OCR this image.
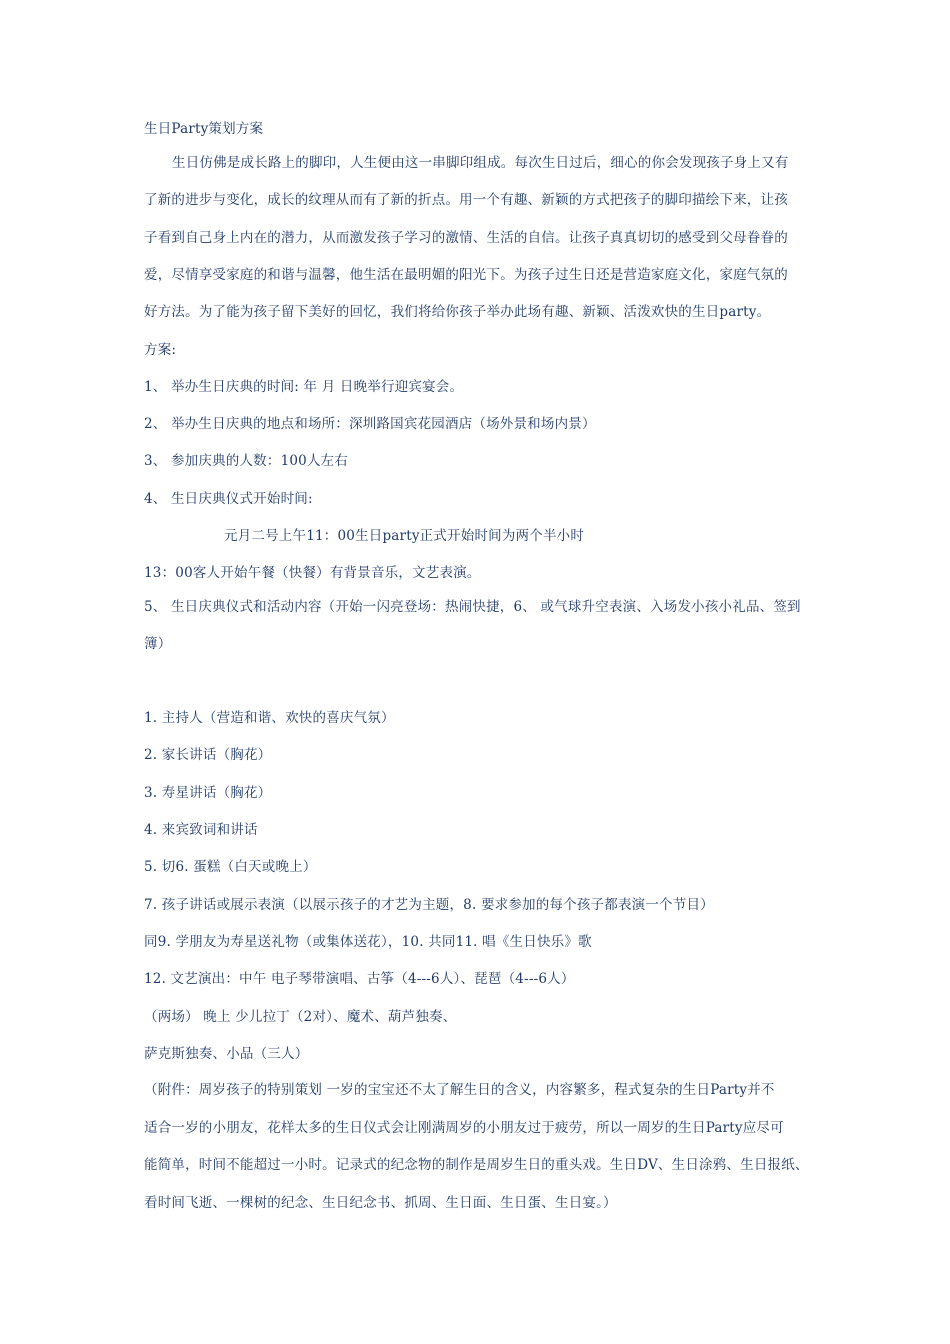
生日Party策划方案
生日仿佛是成长路上的脚印，人生便由这一串脚印组成。每次生日过后，细心的你会发现孩子身上又有
了新的进步与变化，成长的纹理从而有了新的折点。用一个有趣、新颖的方式把孩子的脚印描绘下来，让孩
子看到自己身上内在的潜力，从而激发孩子学习的激情、生活的自信。让孩子真真切切的感受到父母眷眷的
爱，尽情享受家庭的和谐与温馨，他生活在最明媚的阳光下。为孩子过生日还是营造家庭文化，家庭气氛的
好方法。为了能为孩子留下美好的回忆，我们将给你孩子举办此场有趣、新颖、活泼欢快的生日party。
方案:
1、 举办生日庆典的时间: 年 月 日晚举行迎宾宴会。
2、 举办生日庆典的地点和场所：深圳路国宾花园酒店（场外景和场内景）
3、 参加庆典的人数：100人左右
4、 生日庆典仪式开始时间:
元月二号上午11：00生日party正式开始时间为两个半小时
13：00客人开始午餐（快餐）有背景音乐，文艺表演。
5、 生日庆典仪式和活动内容（开始一闪亮登场：热闹快捷，6、 或气球升空表演、入场发小孩小礼品、签到
簿）
1. 主持人（营造和谐、欢快的喜庆气氛）
2. 家长讲话（胸花）
3. 寿星讲话（胸花）
4. 来宾致词和讲话
5. 切6. 蛋糕（白天或晚上）
7. 孩子讲话或展示表演（以展示孩子的才艺为主题，8. 要求参加的每个孩子都表演一个节目）
同9. 学朋友为寿星送礼物（或集体送花），10. 共同11. 唱《生日快乐》歌
12. 文艺演出：中午 电子琴带演唱、古筝（4---6人）、琵琶（4---6人）
（两场） 晚上 少儿拉丁（2对）、魔术、葫芦独奏、
萨克斯独奏、小品（三人）
（附件：周岁孩子的特别策划 一岁的宝宝还不太了解生日的含义，内容繁多，程式复杂的生日Party并不
适合一岁的小朋友，花样太多的生日仪式会让刚满周岁的小朋友过于疲劳，所以一周岁的生日Party应尽可
能简单，时间不能超过一小时。记录式的纪念物的制作是周岁生日的重头戏。生日DV、生日涂鸦、生日报纸、
看时间飞逝、一棵树的纪念、生日纪念书、抓周、生日面、生日蛋、生日宴。）
